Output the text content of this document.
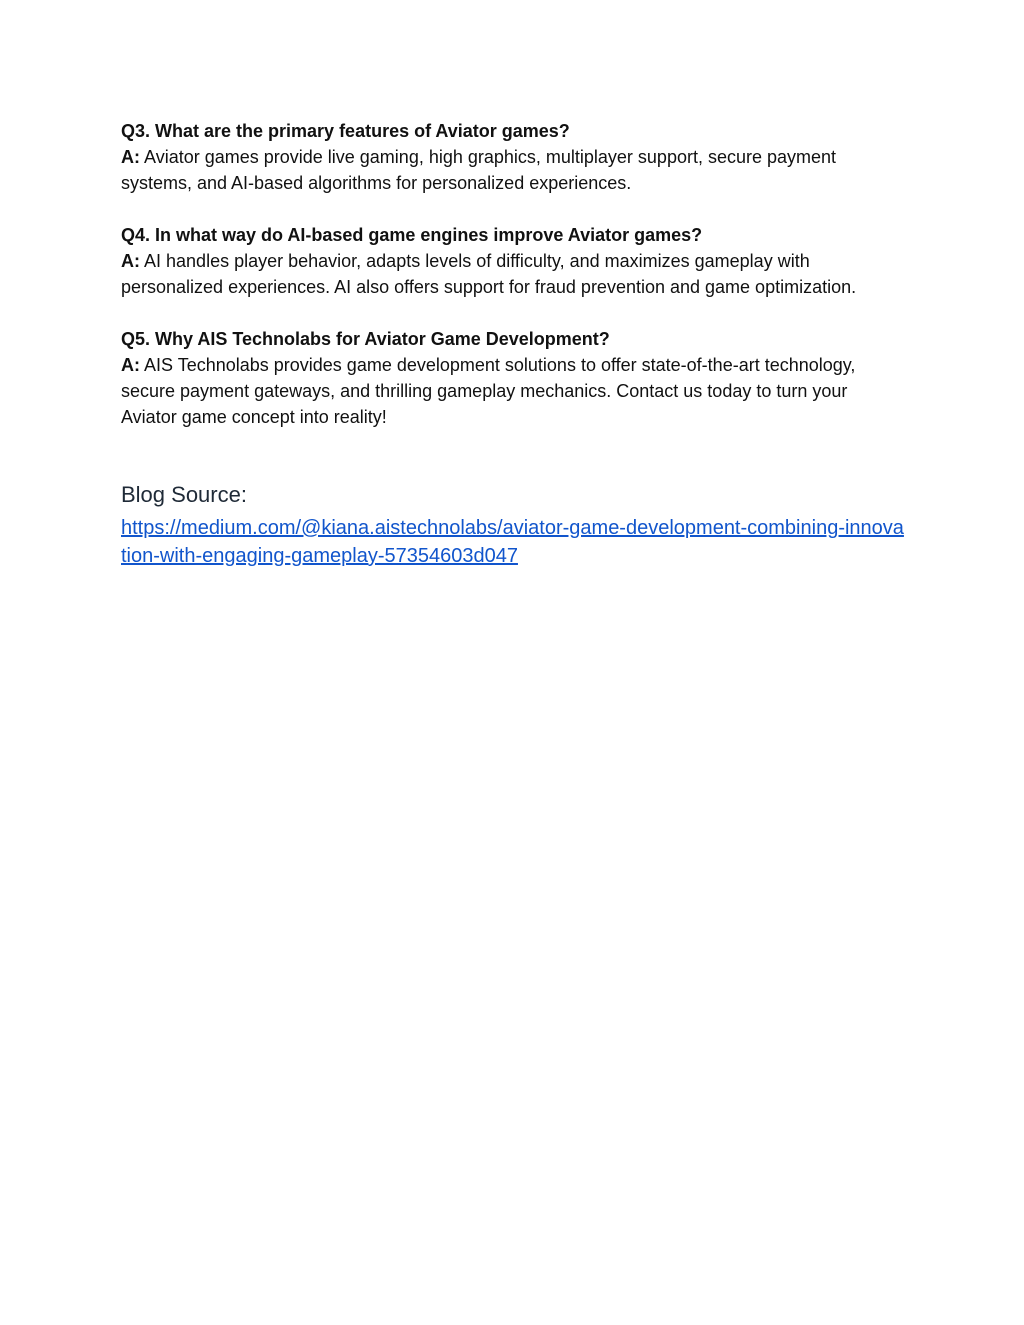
Q3. What are the primary features of Aviator games?

A: Aviator games provide live gaming, high graphics, multiplayer support, secure payment systems, and AI-based algorithms for personalized experiences.

Q4. In what way do AI-based game engines improve Aviator games?

A: AI handles player behavior, adapts levels of difficulty, and maximizes gameplay with personalized experiences. AI also offers support for fraud prevention and game optimization.

Q5. Why AIS Technolabs for Aviator Game Development?

A: AIS Technolabs provides game development solutions to offer state-of-the-art technology, secure payment gateways, and thrilling gameplay mechanics. Contact us today to turn your Aviator game concept into reality!

Blog Source:
https://medium.com/@kiana.aistechnolabs/aviator-game-development-combining-innovation-with-engaging-gameplay-57354603d047
